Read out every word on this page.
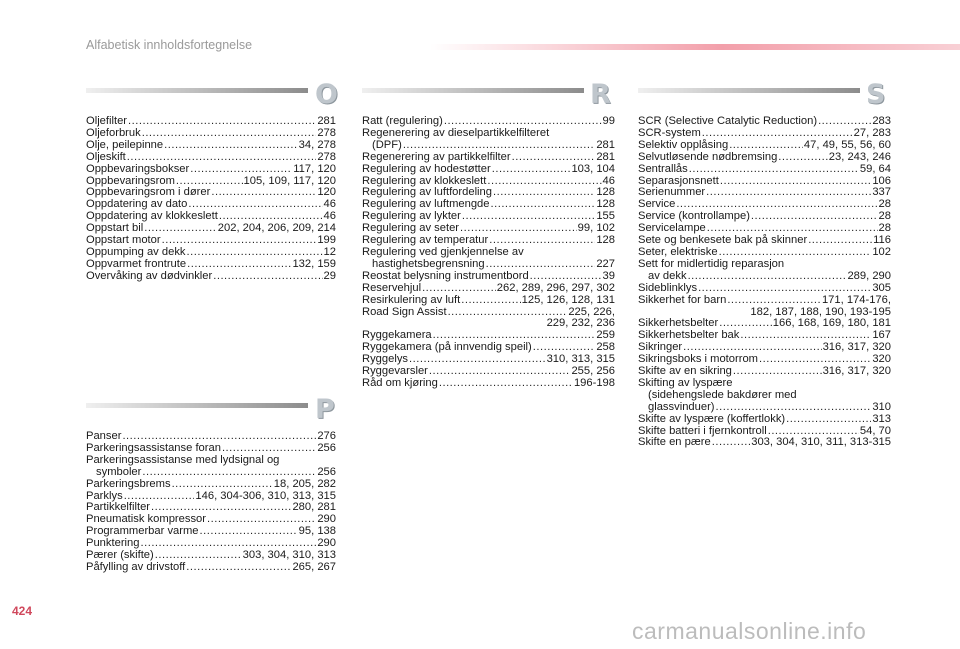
Alfabetisk innholdsfortegnelse
O	R	S
P
Oljefilter .....	281
Oljeforbruk .....	278
Olje, peilepinne .....	34, 278
Oljeskift .....	278
Oppbevaringsbokser .....	117, 120
Oppbevaringsrom .....	105, 109, 117, 120
Oppbevaringsrom i dører .....	120
Oppdatering av dato .....	46
Oppdatering av klokkeslett .....	46
Oppstart bil .....	202, 204, 206, 209, 214
Oppstart motor .....	199
Oppumping av dekk .....	12
Oppvarmet frontrute .....	132, 159
Overvåking av dødvinkler .....	29
Panser .....	276
Parkeringsassistanse foran .....	256
Parkeringsassistanse med lydsignal og
symboler .....	256
Parkeringsbrems .....	18, 205, 282
Parklys .....	146, 304-306, 310, 313, 315
Partikkelfilter .....	280, 281
Pneumatisk kompressor .....	290
Programmerbar varme .....	95, 138
Punktering .....	290
Pærer (skifte) .....	303, 304, 310, 313
Påfylling av drivstoff .....	265, 267
Ratt (regulering) .....	99
Regenerering av dieselpartikkelfilteret
(DPF) .....	281
Regenerering av partikkelfilter .....	281
Regulering av hodestøtter .....	103, 104
Regulering av klokkeslett .....	46
Regulering av luftfordeling .....	128
Regulering av luftmengde .....	128
Regulering av lykter .....	155
Regulering av seter .....	99, 102
Regulering av temperatur .....	128
Regulering ved gjenkjennelse av
hastighetsbegrensning .....	227
Reostat belysning instrumentbord .....	39
Reservehjul .....	262, 289, 296, 297, 302
Resirkulering av luft .....	125, 126, 128, 131
Road Sign Assist .....	225, 226,
229, 232, 236
Ryggekamera .....	259
Ryggekamera (på innvendig speil) .....	258
Ryggelys .....	310, 313, 315
Ryggevarsler .....	255, 256
Råd om kjøring .....	196-198
SCR (Selective Catalytic Reduction) .....	283
SCR-system .....	27, 283
Selektiv opplåsing .....	47, 49, 55, 56, 60
Selvutløsende nødbremsing .....	23, 243, 246
Sentrallås .....	59, 64
Separasjonsnett .....	106
Serienummer .....	337
Service .....	28
Service (kontrollampe) .....	28
Servicelampe .....	28
Sete og benkesete bak på skinner .....	116
Seter, elektriske .....	102
Sett for midlertidig reparasjon
av dekk .....	289, 290
Sideblinklys .....	305
Sikkerhet for barn .....	171, 174-176,
182, 187, 188, 190, 193-195
Sikkerhetsbelter .....	166, 168, 169, 180, 181
Sikkerhetsbelter bak .....	167
Sikringer .....	316, 317, 320
Sikringsboks i motorrom .....	320
Skifte av en sikring .....	316, 317, 320
Skifting av lyspære
(sidehengslede bakdører med
glassvinduer) .....	310
Skifte av lyspære (koffertlokk) .....	313
Skifte batteri i fjernkontroll .....	54, 70
Skifte en pære .....	303, 304, 310, 311, 313-315
424
carmanualsonline.info
